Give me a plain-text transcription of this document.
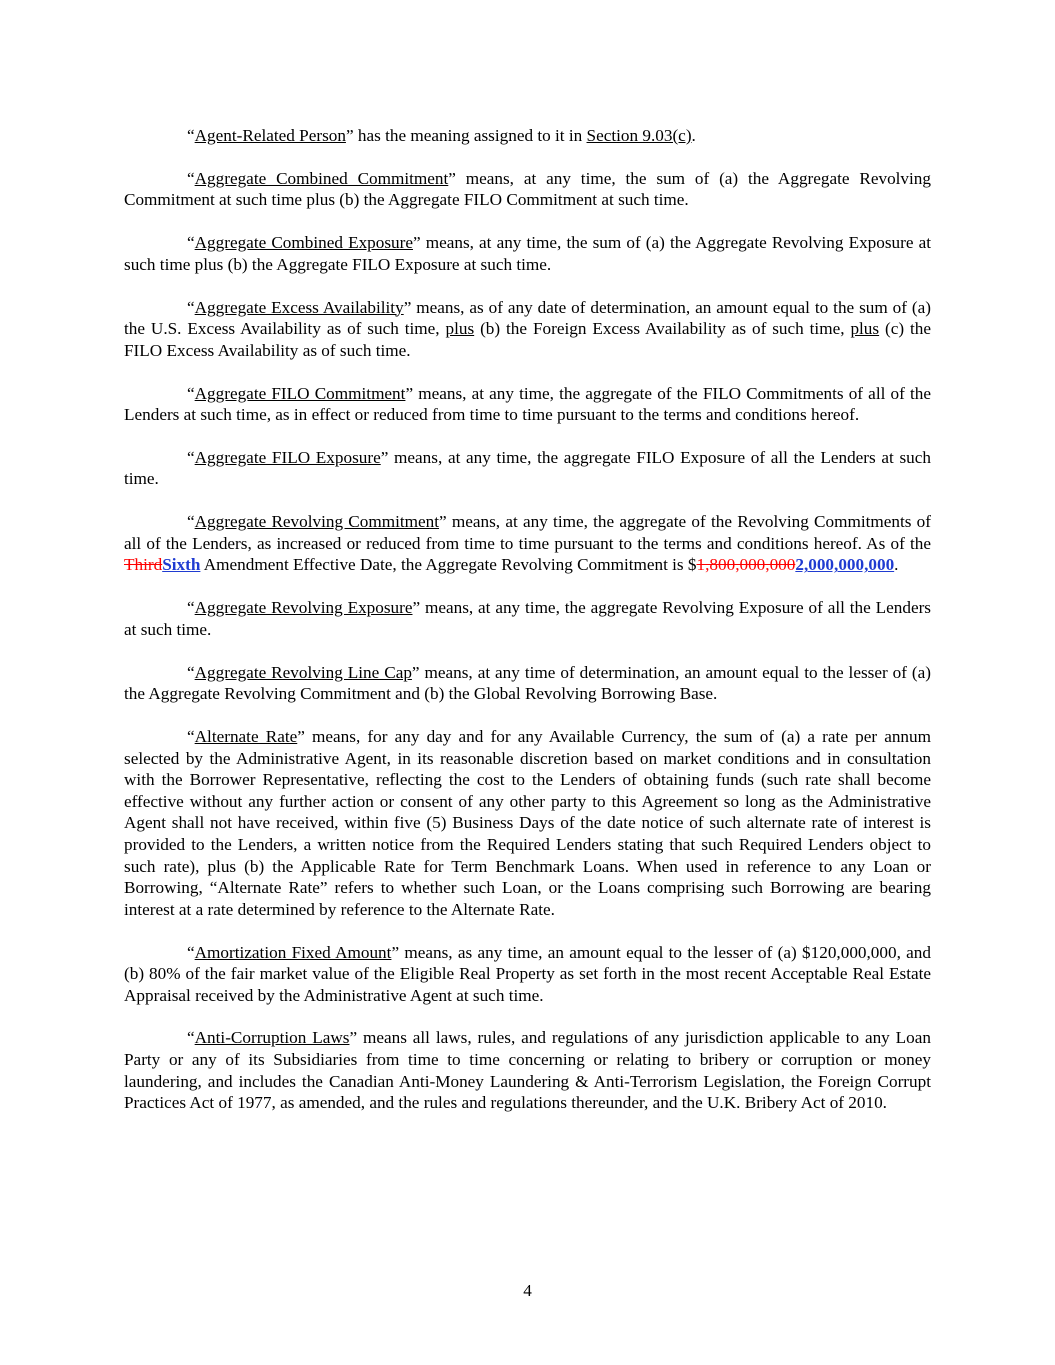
“Agent-Related Person” has the meaning assigned to it in Section 9.03(c).

“Aggregate Combined Commitment” means, at any time, the sum of (a) the Aggregate Revolving Commitment at such time plus (b) the Aggregate FILO Commitment at such time.

“Aggregate Combined Exposure” means, at any time, the sum of (a) the Aggregate Revolving Exposure at such time plus (b) the Aggregate FILO Exposure at such time.

“Aggregate Excess Availability” means, as of any date of determination, an amount equal to the sum of (a) the U.S. Excess Availability as of such time, plus (b) the Foreign Excess Availability as of such time, plus (c) the FILO Excess Availability as of such time.

“Aggregate FILO Commitment” means, at any time, the aggregate of the FILO Commitments of all of the Lenders at such time, as in effect or reduced from time to time pursuant to the terms and conditions hereof.

“Aggregate FILO Exposure” means, at any time, the aggregate FILO Exposure of all the Lenders at such time.

“Aggregate Revolving Commitment” means, at any time, the aggregate of the Revolving Commitments of all of the Lenders, as increased or reduced from time to time pursuant to the terms and conditions hereof. As of the ThirdSixth Amendment Effective Date, the Aggregate Revolving Commitment is $1,800,000,0002,000,000,000.

“Aggregate Revolving Exposure” means, at any time, the aggregate Revolving Exposure of all the Lenders at such time.

“Aggregate Revolving Line Cap” means, at any time of determination, an amount equal to the lesser of (a) the Aggregate Revolving Commitment and (b) the Global Revolving Borrowing Base.

“Alternate Rate” means, for any day and for any Available Currency, the sum of (a) a rate per annum selected by the Administrative Agent, in its reasonable discretion based on market conditions and in consultation with the Borrower Representative, reflecting the cost to the Lenders of obtaining funds (such rate shall become effective without any further action or consent of any other party to this Agreement so long as the Administrative Agent shall not have received, within five (5) Business Days of the date notice of such alternate rate of interest is provided to the Lenders, a written notice from the Required Lenders stating that such Required Lenders object to such rate), plus (b) the Applicable Rate for Term Benchmark Loans. When used in reference to any Loan or Borrowing, “Alternate Rate” refers to whether such Loan, or the Loans comprising such Borrowing are bearing interest at a rate determined by reference to the Alternate Rate.

“Amortization Fixed Amount” means, as any time, an amount equal to the lesser of (a) $120,000,000, and (b) 80% of the fair market value of the Eligible Real Property as set forth in the most recent Acceptable Real Estate Appraisal received by the Administrative Agent at such time.

“Anti-Corruption Laws” means all laws, rules, and regulations of any jurisdiction applicable to any Loan Party or any of its Subsidiaries from time to time concerning or relating to bribery or corruption or money laundering, and includes the Canadian Anti-Money Laundering & Anti-Terrorism Legislation, the Foreign Corrupt Practices Act of 1977, as amended, and the rules and regulations thereunder, and the U.K. Bribery Act of 2010.

4
